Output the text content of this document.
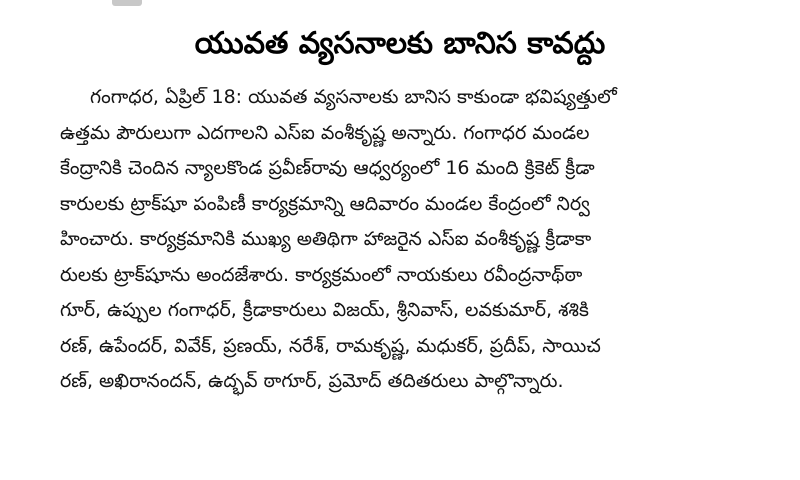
యువత వ్యసనాలకు బానిస కావద్దు
గంగాధర, ఏప్రిల్ 18: యువత వ్యసనాలకు బానిస కాకుండా భవిష్యత్తులో
ఉత్తమ పౌరులుగా ఎదగాలని ఎస్ఐ వంశీకృష్ణ అన్నారు. గంగాధర మండల
కేంద్రానికి చెందిన న్యాలకొండ ప్రవీణ్‌రావు ఆధ్వర్యంలో 16 మంది క్రికెట్ క్రీడా
కారులకు ట్రాక్‌షూ పంపిణీ కార్యక్రమాన్ని ఆదివారం మండల కేంద్రంలో నిర్వ
హించారు. కార్యక్రమానికి ముఖ్య అతిథిగా హాజరైన ఎస్ఐ వంశీకృష్ణ క్రీడాకా
రులకు ట్రాక్‌షూను అందజేశారు. కార్యక్రమంలో నాయకులు రవీంద్రనాథ్‌ఠా
గూర్, ఉప్పుల గంగాధర్, క్రీడాకారులు విజయ్, శ్రీనివాస్, లవకుమార్, శశికి
రణ్, ఉపేందర్, వివేక్, ప్రణయ్, నరేశ్, రామకృష్ణ, మధుకర్, ప్రదీప్, సాయిచ
రణ్, అఖిరానందన్, ఉద్భవ్ ఠాగూర్, ప్రమోద్ తదితరులు పాల్గొన్నారు.
